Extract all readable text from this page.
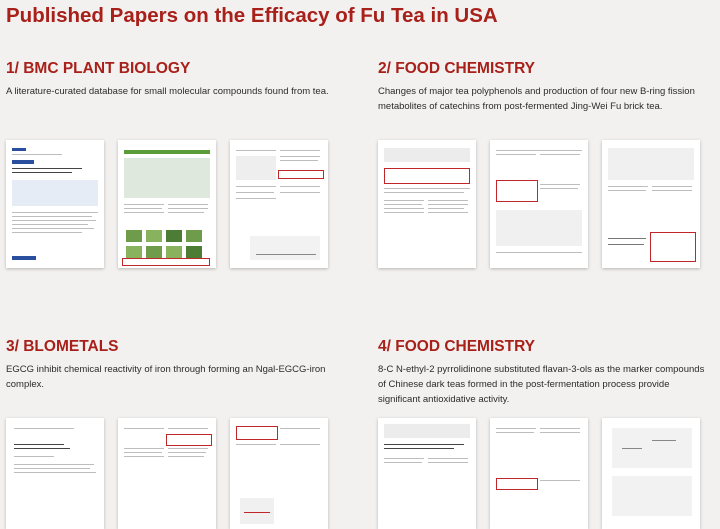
Published Papers on the Efficacy of Fu Tea in USA
1/ BMC PLANT BIOLOGY

A literature-curated database for small molecular compounds found from tea.

2/ FOOD CHEMISTRY

Changes of major tea polyphenols and production of four new B-ring fission metabolites of catechins from post-fermented Jing-Wei Fu brick tea.

3/ BLOMETALS

EGCG inhibit chemical reactivity of iron through forming an Ngal-EGCG-iron complex.

4/ FOOD CHEMISTRY

8-C N-ethyl-2 pyrrolidinone substituted flavan-3-ols as the marker compounds of Chinese dark teas formed in the post-fermentation process provide significant antioxidative activity.
